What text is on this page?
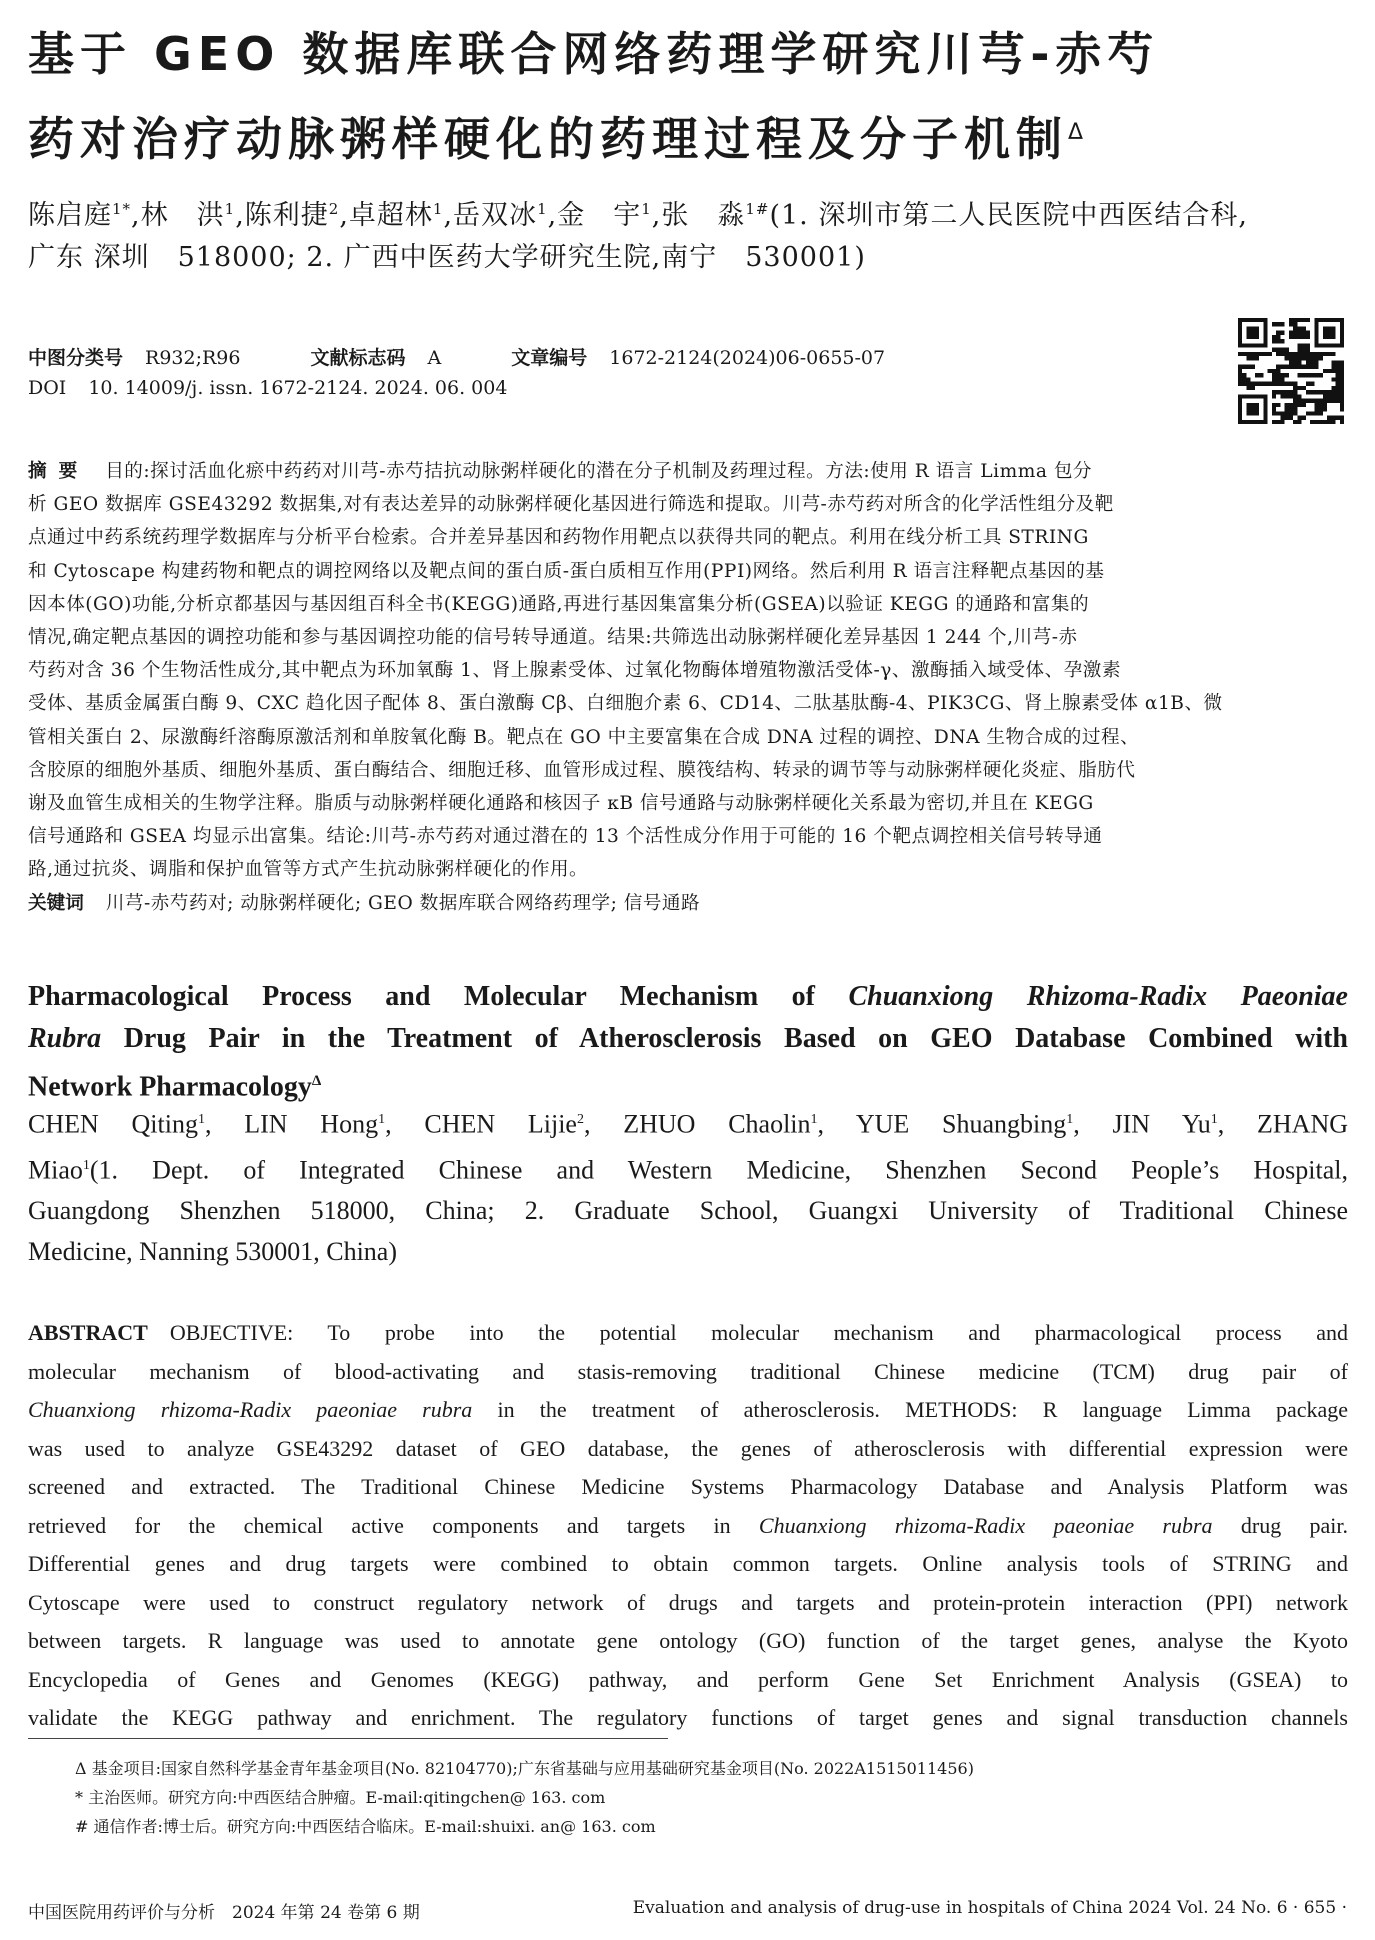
基于 GEO 数据库联合网络药理学研究川芎-赤芍
药对治疗动脉粥样硬化的药理过程及分子机制$^\Delta$
陈启庭$^{1*}$,林　洪$^1$,陈利捷$^2$,卓超林$^1$,岳双冰$^1$,金　宇$^1$,张　淼$^{1\#}$(1. 深圳市第二人民医院中西医结合科,
广东 深圳　518000; 2. 广西中医药大学研究生院,南宁　530001)
中图分类号 R932;R96	文献标志码 A	文章编号 1672-2124(2024)06-0655-07
DOI 10. 14009/j. issn. 1672-2124. 2024. 06. 004
摘要 目的:探讨活血化瘀中药药对川芎-赤芍拮抗动脉粥样硬化的潜在分子机制及药理过程。方法:使用 R 语言 Limma 包分
析 GEO 数据库 GSE43292 数据集,对有表达差异的动脉粥样硬化基因进行筛选和提取。川芎-赤芍药对所含的化学活性组分及靶
点通过中药系统药理学数据库与分析平台检索。合并差异基因和药物作用靶点以获得共同的靶点。利用在线分析工具 STRING
和 Cytoscape 构建药物和靶点的调控网络以及靶点间的蛋白质-蛋白质相互作用(PPI)网络。然后利用 R 语言注释靶点基因的基
因本体(GO)功能,分析京都基因与基因组百科全书(KEGG)通路,再进行基因集富集分析(GSEA)以验证 KEGG 的通路和富集的
情况,确定靶点基因的调控功能和参与基因调控功能的信号转导通道。结果:共筛选出动脉粥样硬化差异基因 1 244 个,川芎-赤
芍药对含 36 个生物活性成分,其中靶点为环加氧酶 1、肾上腺素受体、过氧化物酶体增殖物激活受体-γ、激酶插入域受体、孕激素
受体、基质金属蛋白酶 9、CXC 趋化因子配体 8、蛋白激酶 Cβ、白细胞介素 6、CD14、二肽基肽酶-4、PIK3CG、肾上腺素受体 α1B、微
管相关蛋白 2、尿激酶纤溶酶原激活剂和单胺氧化酶 B。靶点在 GO 中主要富集在合成 DNA 过程的调控、DNA 生物合成的过程、
含胶原的细胞外基质、细胞外基质、蛋白酶结合、细胞迁移、血管形成过程、膜筏结构、转录的调节等与动脉粥样硬化炎症、脂肪代
谢及血管生成相关的生物学注释。脂质与动脉粥样硬化通路和核因子 κB 信号通路与动脉粥样硬化关系最为密切,并且在 KEGG
信号通路和 GSEA 均显示出富集。结论:川芎-赤芍药对通过潜在的 13 个活性成分作用于可能的 16 个靶点调控相关信号转导通
路,通过抗炎、调脂和保护血管等方式产生抗动脉粥样硬化的作用。
关键词 川芎-赤芍药对; 动脉粥样硬化; GEO 数据库联合网络药理学; 信号通路
Pharmacological Process and Molecular Mechanism of Chuanxiong Rhizoma-Radix Paeoniae
Rubra Drug Pair in the Treatment of Atherosclerosis Based on GEO Database Combined with
Network Pharmacology$^\Delta$
CHEN Qiting$^1$, LIN Hong$^1$, CHEN Lijie$^2$, ZHUO Chaolin$^1$, YUE Shuangbing$^1$, JIN Yu$^1$, ZHANG
Miao$^1$(1. Dept. of Integrated Chinese and Western Medicine, Shenzhen Second People’s Hospital,
Guangdong Shenzhen 518000, China; 2. Graduate School, Guangxi University of Traditional Chinese
Medicine, Nanning 530001, China)
ABSTRACT OBJECTIVE: To probe into the potential molecular mechanism and pharmacological process and
molecular mechanism of blood-activating and stasis-removing traditional Chinese medicine (TCM) drug pair of
Chuanxiong rhizoma-Radix paeoniae rubra in the treatment of atherosclerosis. METHODS: R language Limma package
was used to analyze GSE43292 dataset of GEO database, the genes of atherosclerosis with differential expression were
screened and extracted. The Traditional Chinese Medicine Systems Pharmacology Database and Analysis Platform was
retrieved for the chemical active components and targets in Chuanxiong rhizoma-Radix paeoniae rubra drug pair.
Differential genes and drug targets were combined to obtain common targets. Online analysis tools of STRING and
Cytoscape were used to construct regulatory network of drugs and targets and protein-protein interaction (PPI) network
between targets. R language was used to annotate gene ontology (GO) function of the target genes, analyse the Kyoto
Encyclopedia of Genes and Genomes (KEGG) pathway, and perform Gene Set Enrichment Analysis (GSEA) to
validate the KEGG pathway and enrichment. The regulatory functions of target genes and signal transduction channels
Δ 基金项目:国家自然科学基金青年基金项目(No. 82104770);广东省基础与应用基础研究基金项目(No. 2022A1515011456)
* 主治医师。研究方向:中西医结合肿瘤。E-mail:qitingchen@ 163. com
# 通信作者:博士后。研究方向:中西医结合临床。E-mail:shuixi. an@ 163. com
中国医院用药评价与分析　2024 年第 24 卷第 6 期	Evaluation and analysis of drug-use in hospitals of China 2024 Vol. 24 No. 6 · 655 ·
